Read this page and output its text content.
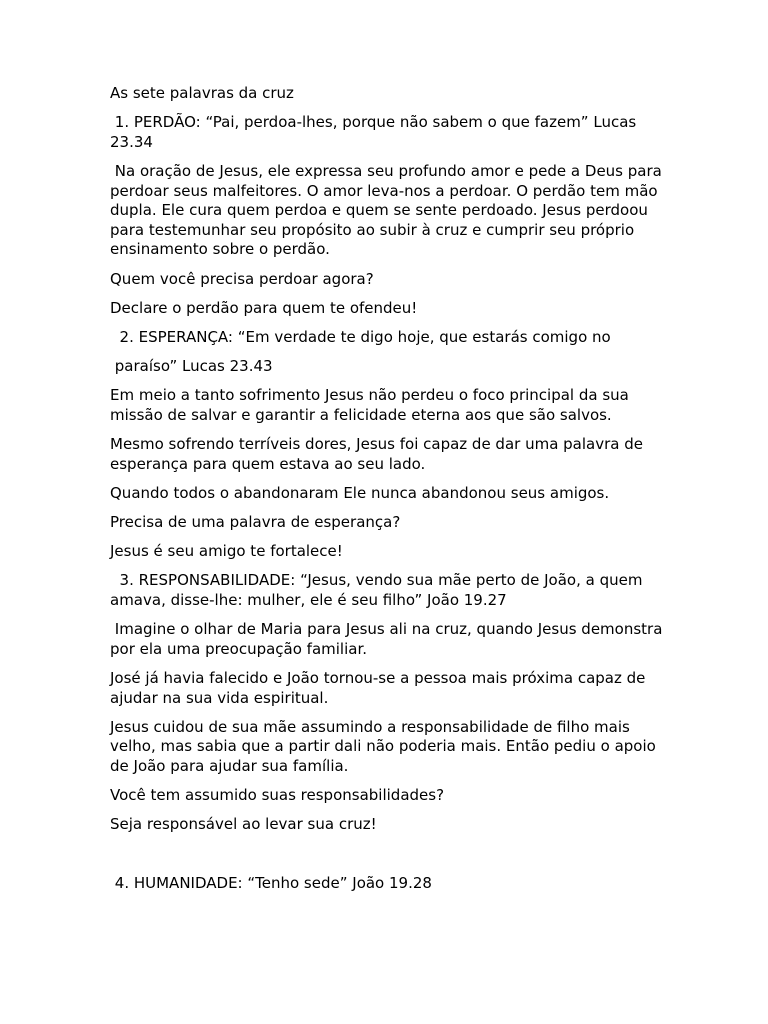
As sete palavras da cruz

1. PERDÃO: “Pai, perdoa-lhes, porque não sabem o que fazem” Lucas 23.34

Na oração de Jesus, ele expressa seu profundo amor e pede a Deus para perdoar seus malfeitores. O amor leva-nos a perdoar. O perdão tem mão dupla. Ele cura quem perdoa e quem se sente perdoado. Jesus perdoou para testemunhar seu propósito ao subir à cruz e cumprir seu próprio ensinamento sobre o perdão.

Quem você precisa perdoar agora?

Declare o perdão para quem te ofendeu!

2. ESPERANÇA: “Em verdade te digo hoje, que estarás comigo no

paraíso” Lucas 23.43

Em meio a tanto sofrimento Jesus não perdeu o foco principal da sua missão de salvar e garantir a felicidade eterna aos que são salvos.

Mesmo sofrendo terríveis dores, Jesus foi capaz de dar uma palavra de esperança para quem estava ao seu lado.

Quando todos o abandonaram Ele nunca abandonou seus amigos.

Precisa de uma palavra de esperança?

Jesus é seu amigo te fortalece!

3. RESPONSABILIDADE: “Jesus, vendo sua mãe perto de João, a quem amava, disse-lhe: mulher, ele é seu filho” João 19.27

Imagine o olhar de Maria para Jesus ali na cruz, quando Jesus demonstra por ela uma preocupação familiar.

José já havia falecido e João tornou-se a pessoa mais próxima capaz de ajudar na sua vida espiritual.

Jesus cuidou de sua mãe assumindo a responsabilidade de filho mais velho, mas sabia que a partir dali não poderia mais. Então pediu o apoio de João para ajudar sua família.

Você tem assumido suas responsabilidades?

Seja responsável ao levar sua cruz!

4. HUMANIDADE: “Tenho sede” João 19.28
